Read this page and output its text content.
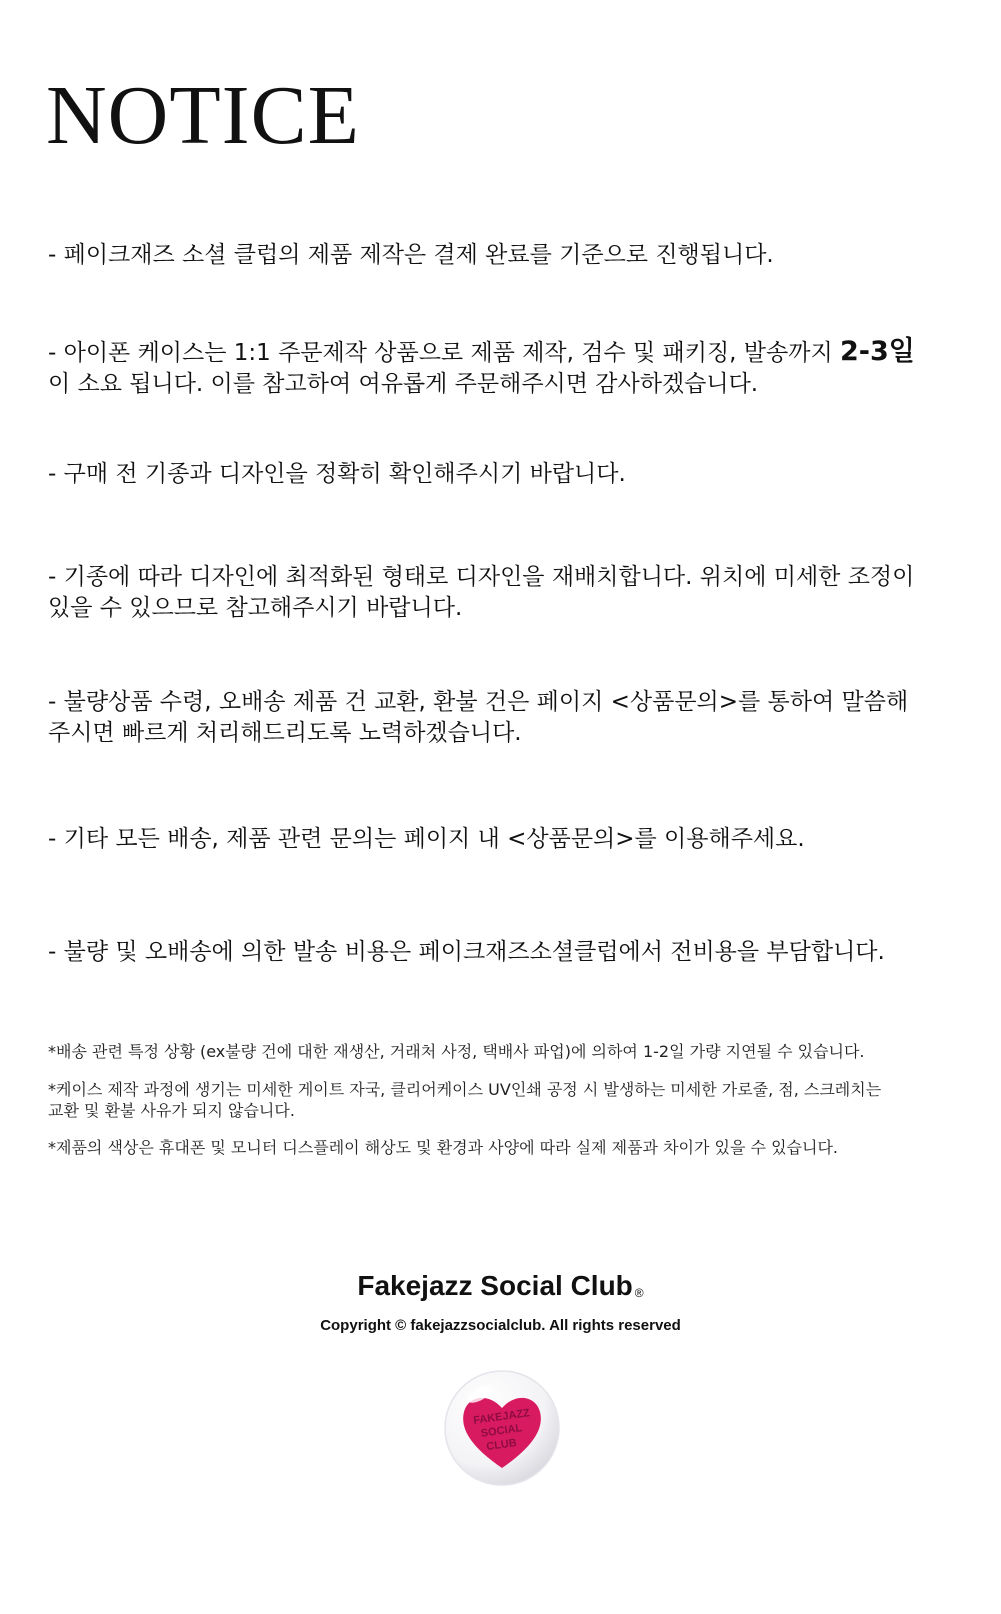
NOTICE
- 페이크재즈 소셜 클럽의 제품 제작은 결제 완료를 기준으로 진행됩니다.
- 아이폰 케이스는 1:1 주문제작 상품으로 제품 제작, 검수 및 패키징, 발송까지 2-3일
이 소요 됩니다. 이를 참고하여 여유롭게 주문해주시면 감사하겠습니다.
- 구매 전 기종과 디자인을 정확히 확인해주시기 바랍니다.
- 기종에 따라 디자인에 최적화된 형태로 디자인을 재배치합니다. 위치에 미세한 조정이
있을 수 있으므로 참고해주시기 바랍니다.
- 불량상품 수령, 오배송 제품 건 교환, 환불 건은 페이지 <상품문의>를 통하여 말씀해
주시면 빠르게 처리해드리도록 노력하겠습니다.
- 기타 모든 배송, 제품 관련 문의는 페이지 내 <상품문의>를 이용해주세요.
- 불량 및 오배송에 의한 발송 비용은 페이크재즈소셜클럽에서 전비용을 부담합니다.
*배송 관련 특정 상황 (ex불량 건에 대한 재생산, 거래처 사정, 택배사 파업)에 의하여 1-2일 가량 지연될 수 있습니다.
*케이스 제작 과정에 생기는 미세한 게이트 자국, 클리어케이스 UV인쇄 공정 시 발생하는 미세한 가로줄, 점, 스크레치는
교환 및 환불 사유가 되지 않습니다.
*제품의 색상은 휴대폰 및 모니터 디스플레이 해상도 및 환경과 사양에 따라 실제 제품과 차이가 있을 수 있습니다.
Fakejazz Social Club ®
Copyright © fakejazzsocialclub. All rights reserved
FAKEJAZZ
SOCIAL
CLUB
